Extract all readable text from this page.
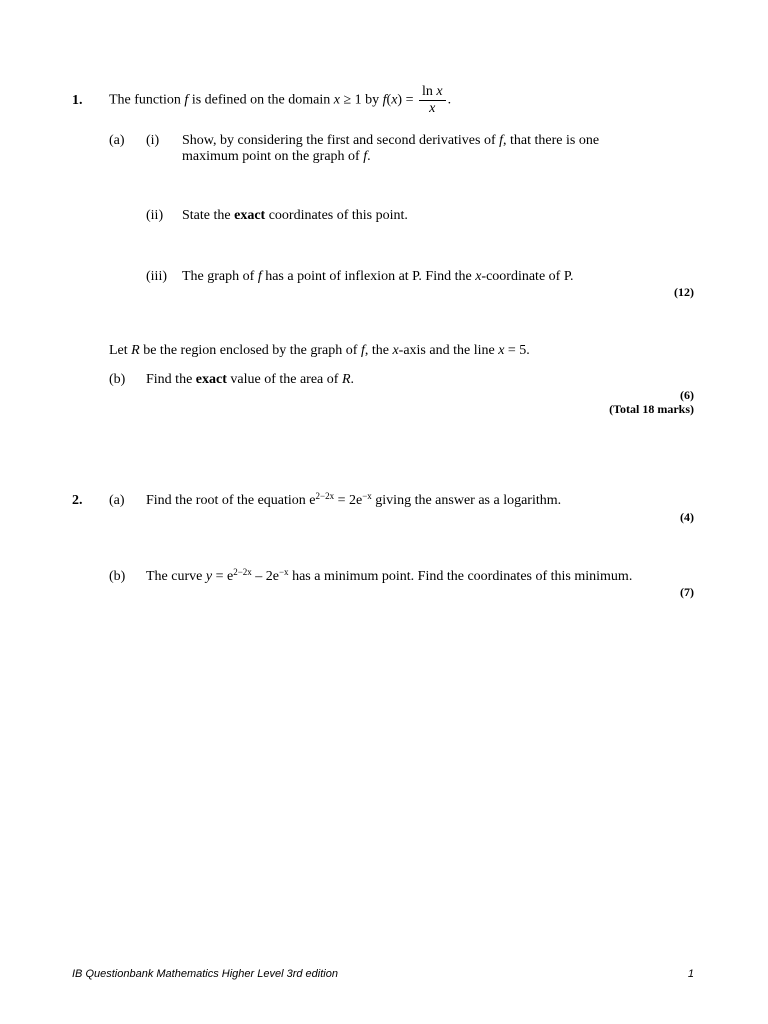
1. The function f is defined on the domain x ≥ 1 by $f(x) = \frac{\text{ln x}}{x}$ .
(a) (i) Show, by considering the first and second derivatives of f, that there is one
maximum point on the graph of f.
(ii) State the exact coordinates of this point.
(iii) The graph of f has a point of inflexion at P. Find the x-coordinate of P.
(12)
Let R be the region enclosed by the graph of f, the x-axis and the line x = 5.
(b) Find the exact value of the area of R.
(6)
(Total 18 marks)
2. (a) Find the root of the equation $e^{2-2x} = 2e^{-x}$ giving the answer as a logarithm.
(4)
(b) The curve $y = e^{2-2x} - 2e^{-x}$ has a minimum point. Find the coordinates of this minimum.
(7)
IB Questionbank Mathematics Higher Level 3rd edition	1
